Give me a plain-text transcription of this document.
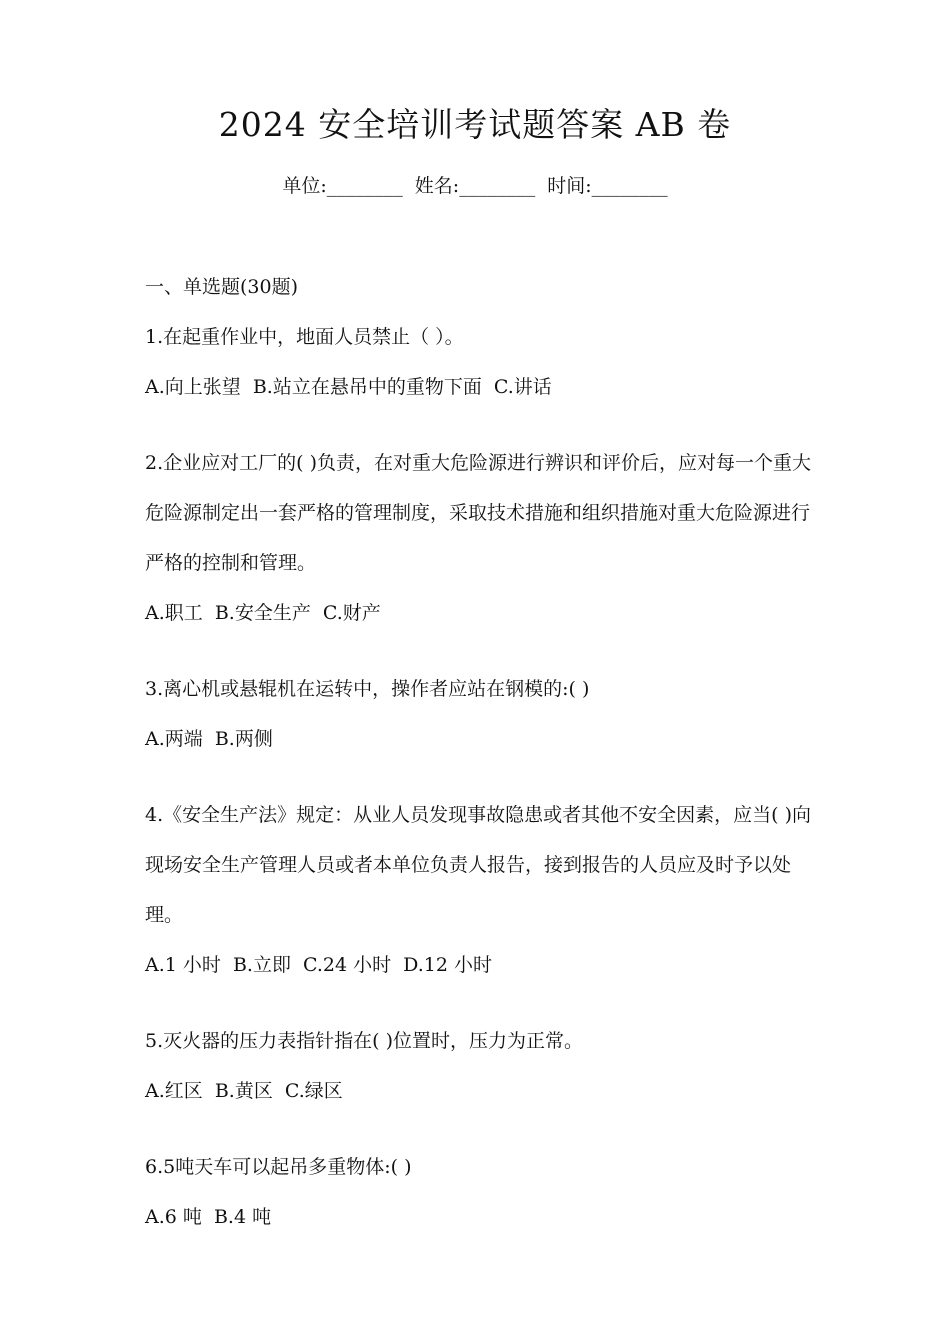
2024 安全培训考试题答案 AB 卷
单位:________ 姓名:________ 时间:________

一、单选题(30题)

1.在起重作业中，地面人员禁止（ ）。

A.向上张望 B.站立在悬吊中的重物下面 C.讲话

2.企业应对工厂的( )负责，在对重大危险源进行辨识和评价后，应对每一个重大危险源制定出一套严格的管理制度，采取技术措施和组织措施对重大危险源进行严格的控制和管理。

A.职工 B.安全生产 C.财产

3.离心机或悬辊机在运转中，操作者应站在钢模的:( )

A.两端 B.两侧

4.《安全生产法》规定：从业人员发现事故隐患或者其他不安全因素，应当( )向现场安全生产管理人员或者本单位负责人报告，接到报告的人员应及时予以处理。

A.1 小时 B.立即 C.24 小时 D.12 小时

5.灭火器的压力表指针指在( )位置时，压力为正常。

A.红区 B.黄区 C.绿区

6.5吨天车可以起吊多重物体:( )

A.6 吨 B.4 吨
